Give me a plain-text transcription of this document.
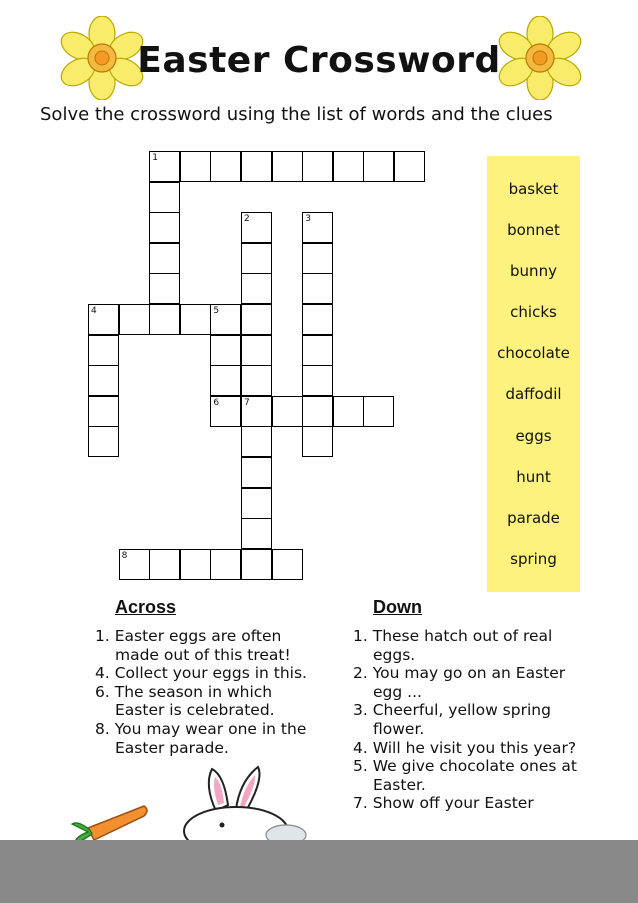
Easter Crossword
Solve the crossword using the list of words and the clues
1
2	3
4	5
6	7
8
basket
bonnet
bunny
chicks
chocolate
daffodil
eggs
hunt
parade
spring
Across
1. Easter eggs are often made out of this treat!
4. Collect your eggs in this.
6. The season in which Easter is celebrated.
8. You may wear one in the Easter parade.
Down
1. These hatch out of real eggs.
2. You may go on an Easter egg ...
3. Cheerful, yellow spring flower.
4. Will he visit you this year?
5. We give chocolate ones at Easter.
7. Show off your Easter
